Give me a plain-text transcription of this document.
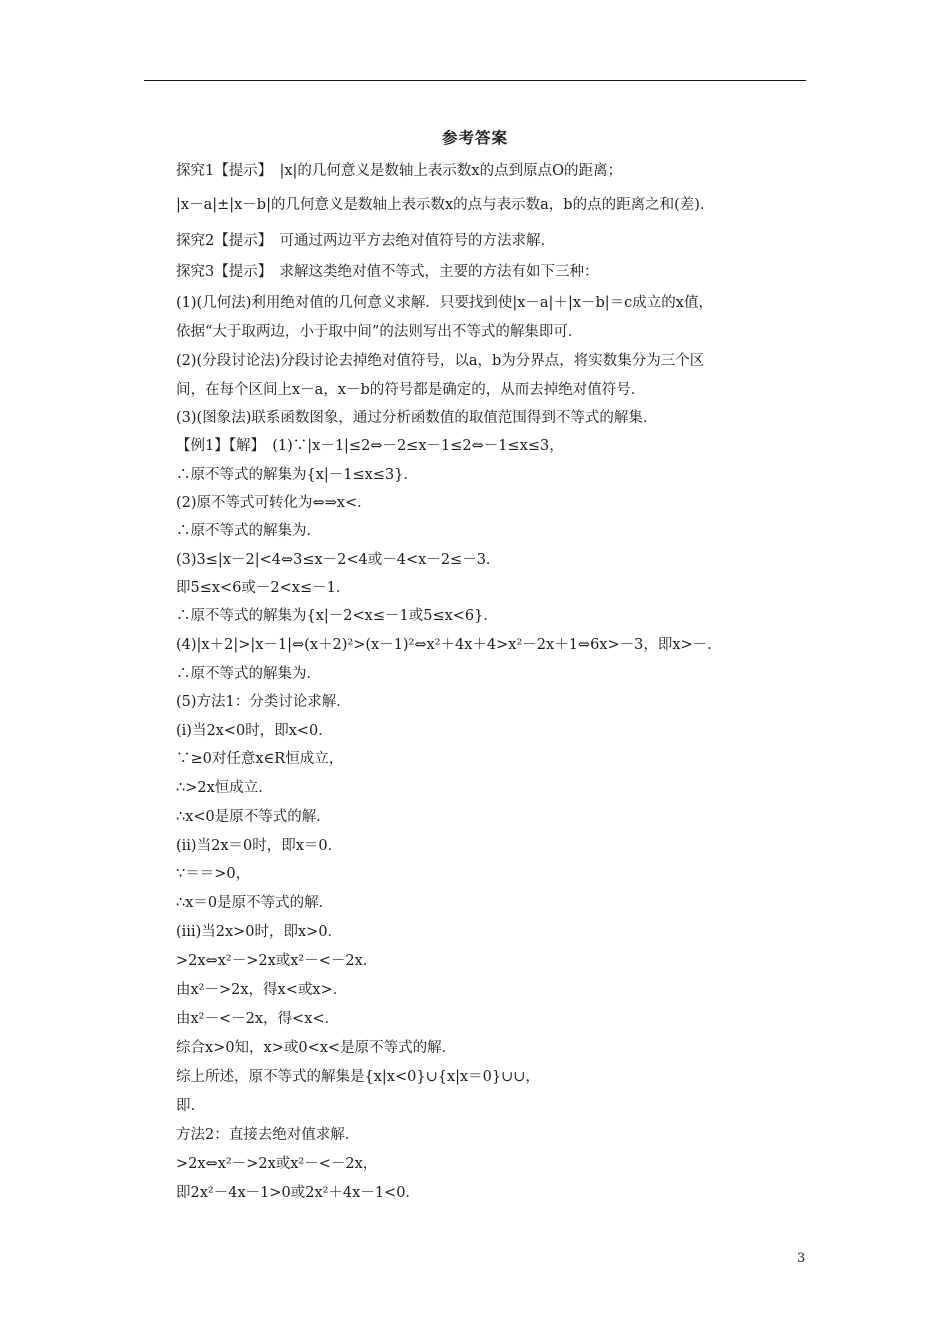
参考答案
探究1【提示】　|x|的几何意义是数轴上表示数x的点到原点O的距离；
|x－a|±|x－b|的几何意义是数轴上表示数x的点与表示数a，b的点的距离之和(差)．
探究2【提示】　可通过两边平方去绝对值符号的方法求解．
探究3【提示】　求解这类绝对值不等式，主要的方法有如下三种：
(1)(几何法)利用绝对值的几何意义求解．只要找到使|x－a|＋|x－b|＝c成立的x值，
依据“大于取两边，小于取中间”的法则写出不等式的解集即可．
(2)(分段讨论法)分段讨论去掉绝对值符号，以a，b为分界点，将实数集分为三个区
间，在每个区间上x－a，x－b的符号都是确定的，从而去掉绝对值符号．
(3)(图象法)联系函数图象，通过分析函数值的取值范围得到不等式的解集．
【例1】【解】　(1)∵|x－1|≤2⇔－2≤x－1≤2⇔－1≤x≤3，
∴原不等式的解集为{x|－1≤x≤3}．
(2)原不等式可转化为⇔⇒x<．
∴原不等式的解集为．
(3)3≤|x－2|<4⇔3≤x－2<4或－4<x－2≤－3．
即5≤x<6或－2<x≤－1．
∴原不等式的解集为{x|－2<x≤－1或5≤x<6}．
(4)|x＋2|>|x－1|⇔(x＋2)²>(x－1)²⇔x²＋4x＋4>x²－2x＋1⇔6x>－3，即x>－．
∴原不等式的解集为．
(5)方法1：分类讨论求解．
(ⅰ)当2x<0时，即x<0．
∵≥0对任意x∈R恒成立，
∴>2x恒成立．
∴x<0是原不等式的解．
(ⅱ)当2x＝0时，即x＝0．
∵＝＝>0，
∴x＝0是原不等式的解．
(ⅲ)当2x>0时，即x>0．
>2x⇔x²－>2x或x²－<－2x．
由x²－>2x，得x<或x>．
由x²－<－2x，得<x<．
综合x>0知，x>或0<x<是原不等式的解．
综上所述，原不等式的解集是{x|x<0}∪{x|x＝0}∪∪，
即．
方法2：直接去绝对值求解．
>2x⇔x²－>2x或x²－<－2x，
即2x²－4x－1>0或2x²＋4x－1<0．
3
